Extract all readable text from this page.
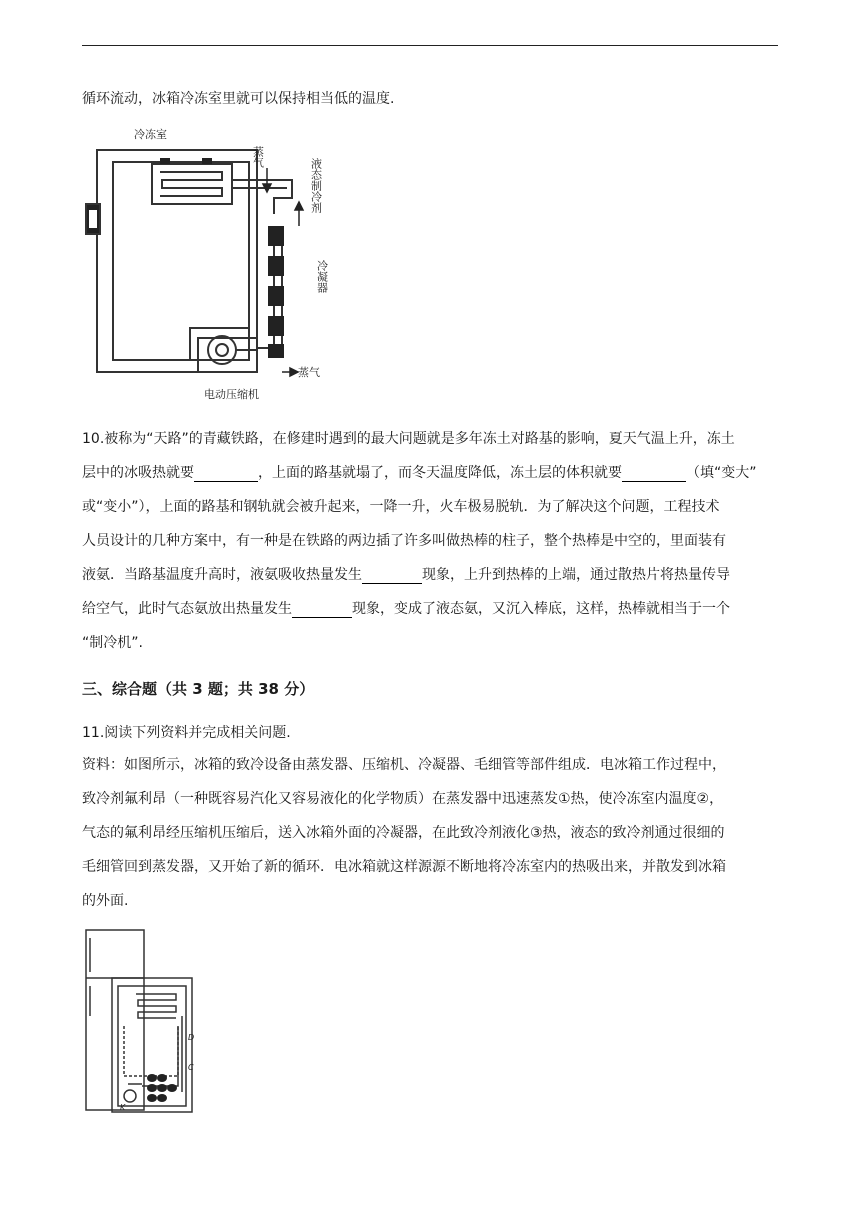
循环流动，冰箱冷冻室里就可以保持相当低的温度.
冷冻室
蒸气
液态制冷剂
冷凝器
蒸气
电动压缩机
10.被称为“天路”的青藏铁路，在修建时遇到的最大问题就是多年冻土对路基的影响，夏天气温上升，冻土
层中的冰吸热就要	，上面的路基就塌了，而冬天温度降低，冻土层的体积就要	（填“变大”
或“变小”），上面的路基和钢轨就会被升起来，一降一升，火车极易脱轨．为了解决这个问题，工程技术
人员设计的几种方案中，有一种是在铁路的两边插了许多叫做热棒的柱子，整个热棒是中空的，里面装有
液氨．当路基温度升高时，液氨吸收热量发生	现象，上升到热棒的上端，通过散热片将热量传导
给空气，此时气态氨放出热量发生	现象，变成了液态氨，又沉入棒底，这样，热棒就相当于一个
“制冷机”.
三、综合题（共 3 题；共 38 分）
11.阅读下列资料并完成相关问题.
资料：如图所示，冰箱的致冷设备由蒸发器、压缩机、冷凝器、毛细管等部件组成．电冰箱工作过程中，
致冷剂氟利昂（一种既容易汽化又容易液化的化学物质）在蒸发器中迅速蒸发①热，使冷冻室内温度②，
气态的氟利昂经压缩机压缩后，送入冰箱外面的冷凝器，在此致冷剂液化③热，液态的致冷剂通过很细的
毛细管回到蒸发器，又开始了新的循环．电冰箱就这样源源不断地将冷冻室内的热吸出来，并散发到冰箱
的外面.
D
C
K
